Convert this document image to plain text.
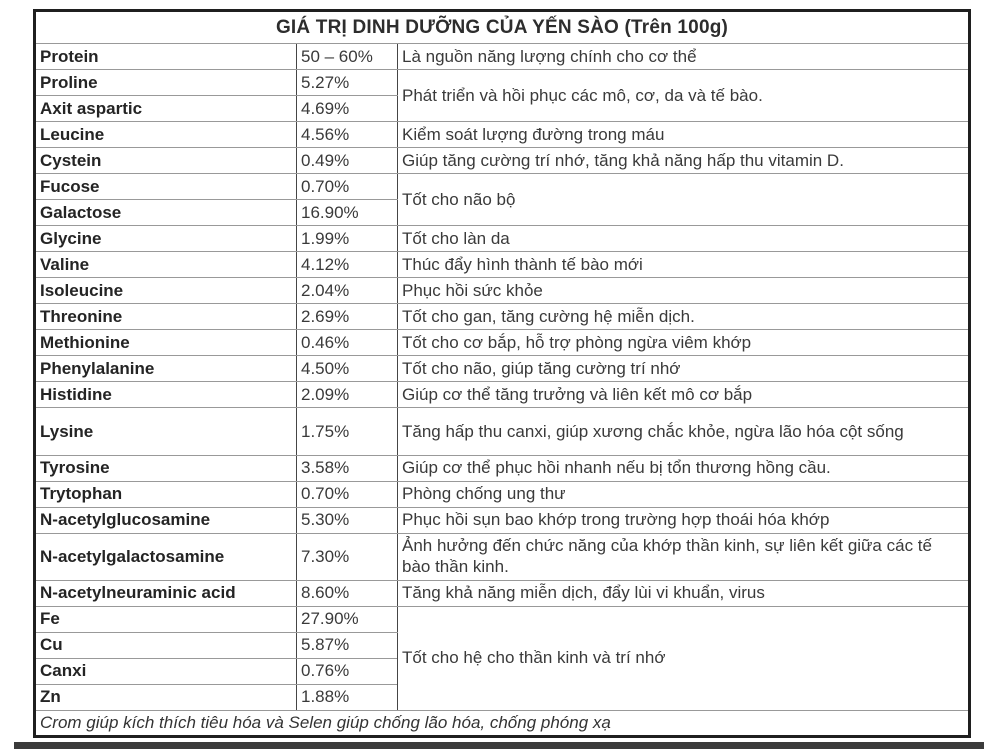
GIÁ TRỊ DINH DƯỠNG CỦA YẾN SÀO (Trên 100g)		
Protein	50 – 60%	Là nguồn năng lượng chính cho cơ thể
Proline	5.27%	Phát triển và hồi phục các mô, cơ, da và tế bào.
Axit aspartic	4.69%	
Leucine	4.56%	Kiểm soát lượng đường trong máu
Cystein	0.49%	Giúp tăng cường trí nhớ, tăng khả năng hấp thu vitamin D.
Fucose	0.70%	Tốt cho não bộ
Galactose	16.90%	
Glycine	1.99%	Tốt cho làn da
Valine	4.12%	Thúc đẩy hình thành tế bào mới
Isoleucine	2.04%	Phục hồi sức khỏe
Threonine	2.69%	Tốt cho gan, tăng cường hệ miễn dịch.
Methionine	0.46%	Tốt cho cơ bắp, hỗ trợ phòng ngừa viêm khớp
Phenylalanine	4.50%	Tốt cho não, giúp tăng cường trí nhớ
Histidine	2.09%	Giúp cơ thể tăng trưởng và liên kết mô cơ bắp
Lysine	1.75%	Tăng hấp thu canxi, giúp xương chắc khỏe, ngừa lão hóa cột sống
Tyrosine	3.58%	Giúp cơ thể phục hồi nhanh nếu bị tổn thương hồng cầu.
Trytophan	0.70%	Phòng chống ung thư
N-acetylglucosamine	5.30%	Phục hồi sụn bao khớp trong trường hợp thoái hóa khớp
N-acetylgalactosamine	7.30%	Ảnh hưởng đến chức năng của khớp thần kinh, sự liên kết giữa các tế bào thần kinh.
N-acetylneuraminic acid	8.60%	Tăng khả năng miễn dịch, đẩy lùi vi khuẩn, virus
Fe	27.90%	Tốt cho hệ cho thần kinh và trí nhớ
Cu	5.87%	
Canxi	0.76%	
Zn	1.88%	
Crom giúp kích thích tiêu hóa và Selen giúp chống lão hóa, chống phóng xạ		
